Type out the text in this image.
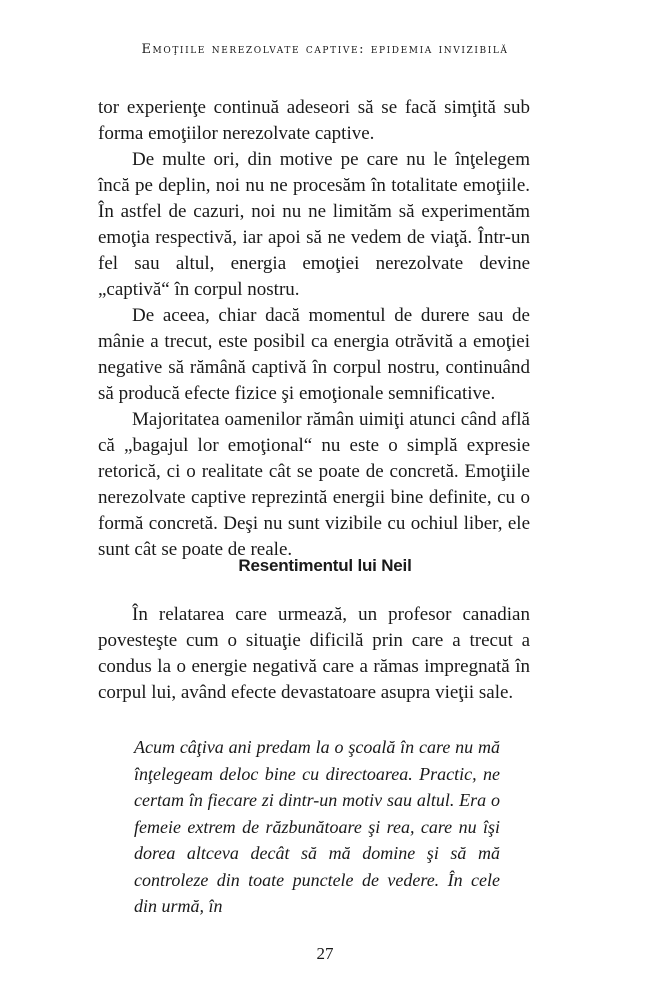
Emoţiile nerezolvate captive: epidemia invizibilă

tor experienţe continuă adeseori să se facă simţită sub forma emoţiilor nerezolvate captive.

De multe ori, din motive pe care nu le înţelegem încă pe deplin, noi nu ne procesăm în totalitate emoţiile. În astfel de cazuri, noi nu ne limităm să experimentăm emoţia respectivă, iar apoi să ne vedem de viaţă. Într-un fel sau altul, energia emoţiei nerezolvate devine „captivă“ în corpul nostru.

De aceea, chiar dacă momentul de durere sau de mânie a trecut, este posibil ca energia otrăvită a emoţiei negative să rămână captivă în corpul nostru, continuând să producă efecte fizice şi emoţionale semnificative.

Majoritatea oamenilor rămân uimiţi atunci când află că „bagajul lor emoţional“ nu este o simplă expresie retorică, ci o realitate cât se poate de concretă. Emoţiile nerezolvate captive reprezintă energii bine definite, cu o formă concretă. Deşi nu sunt vizibile cu ochiul liber, ele sunt cât se poate de reale.

Resentimentul lui Neil

În relatarea care urmează, un profesor canadian povesteşte cum o situaţie dificilă prin care a trecut a condus la o energie negativă care a rămas impregnată în corpul lui, având efecte devastatoare asupra vieţii sale.

Acum câţiva ani predam la o şcoală în care nu mă înţelegeam deloc bine cu directoarea. Practic, ne certam în fiecare zi dintr-un motiv sau altul. Era o femeie extrem de răzbunătoare şi rea, care nu îşi dorea altceva decât să mă domine şi să mă controleze din toate punctele de vedere. În cele din urmă, în

27
